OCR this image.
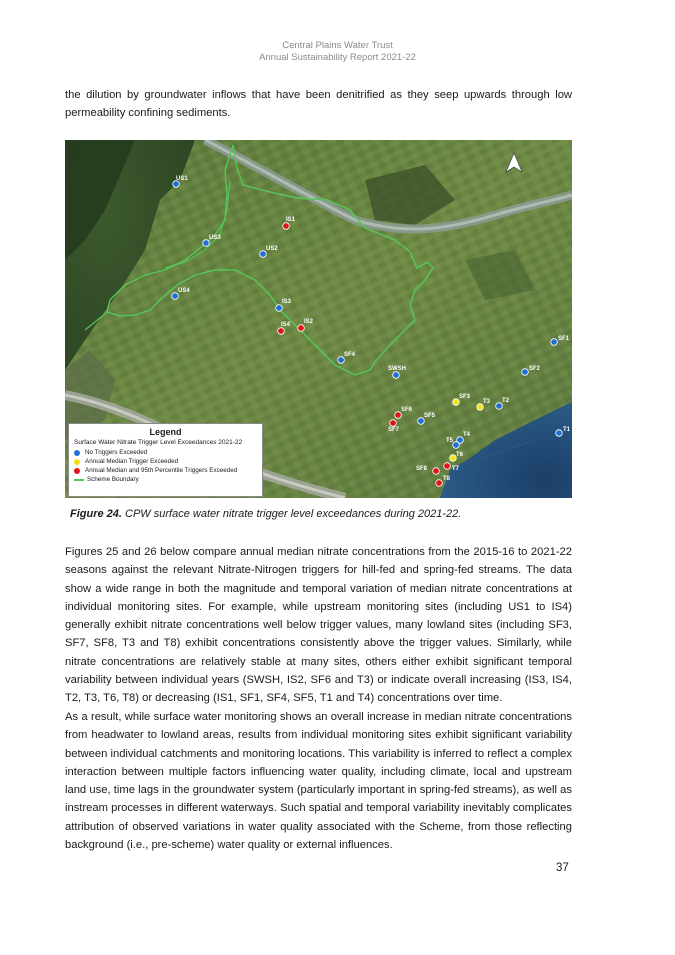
Central Plains Water Trust
Annual Sustainability Report 2021-22

the dilution by groundwater inflows that have been denitrified as they seep upwards through low permeability confining sediments.

US1
IS1
US3
US2
US4
IS3
IS4 IS2
SF4
SWSH
SF1
SF2
SF3
T3 T2
SF6
SF5
SF7	T1
T4
T5
T6
SF8	T7
T8
Legend
Surface Water Nitrate Trigger Level Exceedances 2021-22
No Triggers Exceeded
Annual Median Trigger Exceeded
Annual Median and 95th Percentile Triggers Exceeded
Scheme Boundary
Figure 24. CPW surface water nitrate trigger level exceedances during 2021-22.

Figures 25 and 26 below compare annual median nitrate concentrations from the 2015-16 to 2021-22 seasons against the relevant Nitrate-Nitrogen triggers for hill-fed and spring-fed streams. The data show a wide range in both the magnitude and temporal variation of median nitrate concentrations at individual monitoring sites. For example, while upstream monitoring sites (including US1 to IS4) generally exhibit nitrate concentrations well below trigger values, many lowland sites (including SF3, SF7, SF8, T3 and T8) exhibit concentrations consistently above the trigger values. Similarly, while nitrate concentrations are relatively stable at many sites, others either exhibit significant temporal variability between individual years (SWSH, IS2, SF6 and T3) or indicate overall increasing (IS3, IS4, T2, T3, T6, T8) or decreasing (IS1, SF1, SF4, SF5, T1 and T4) concentrations over time.

As a result, while surface water monitoring shows an overall increase in median nitrate concentrations from headwater to lowland areas, results from individual monitoring sites exhibit significant variability between individual catchments and monitoring locations. This variability is inferred to reflect a complex interaction between multiple factors influencing water quality, including climate, local and upstream land use, time lags in the groundwater system (particularly important in spring-fed streams), as well as instream processes in different waterways. Such spatial and temporal variability inevitably complicates attribution of observed variations in water quality associated with the Scheme, from those reflecting background (i.e., pre-scheme) water quality or external influences.

37
